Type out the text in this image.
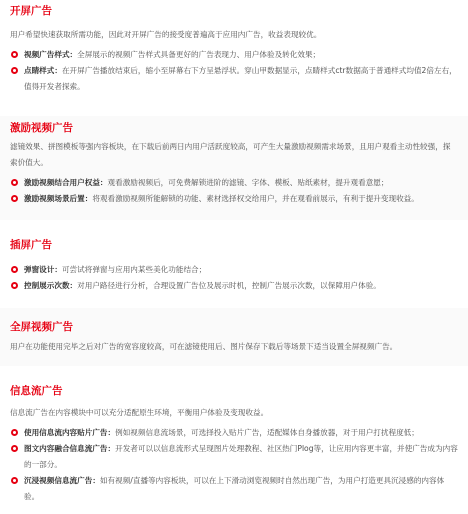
开屏广告

用户希望快速获取所需功能，因此对开屏广告的接受度普遍高于应用内广告，收益表现较优。

视频广告样式：全屏展示的视频广告样式具备更好的广告表现力、用户体验及转化效果；
点睛样式：在开屏广告播放结束后，缩小至屏幕右下方呈悬浮状。穿山甲数据显示，点睛样式ctr数据高于普通样式均值2倍左右，值得开发者探索。
激励视频广告

滤镜效果、拼图模板等强内容板块，在下载后前两日内用户活跃度较高，可产生大量激励视频需求场景，且用户观看主动性较强，探索价值大。

激励视频结合用户权益：观看激励视频后，可免费解锁进阶的滤镜、字体、模板、贴纸素材，提升观看意愿；
激励视频场景后置：将观看激励视频所能解锁的功能、素材选择权交给用户，并在观看前展示，有利于提升变现收益。
插屏广告
弹窗设计：可尝试将弹窗与应用内某些美化功能结合；
控制展示次数：对用户路径进行分析，合理设置广告位及展示时机，控制广告展示次数，以保障用户体验。
全屏视频广告

用户在功能使用完毕之后对广告的宽容度较高，可在滤镜使用后、图片保存下载后等场景下适当设置全屏视频广告。

信息流广告

信息流广告在内容模块中可以充分适配原生环境，平衡用户体验及变现收益。

使用信息流内容贴片广告：例如视频信息流场景，可选择投入贴片广告，适配媒体自身播放器，对于用户打扰程度低；
图文内容融合信息流广告：开发者可以以信息流形式呈现图片处理教程、社区热门Plog等，让应用内容更丰富，并使广告成为内容的一部分。
沉浸视频信息流广告：如有视频/直播等内容板块，可以在上下滑动浏览视频时自然出现广告，为用户打造更具沉浸感的内容体验。
